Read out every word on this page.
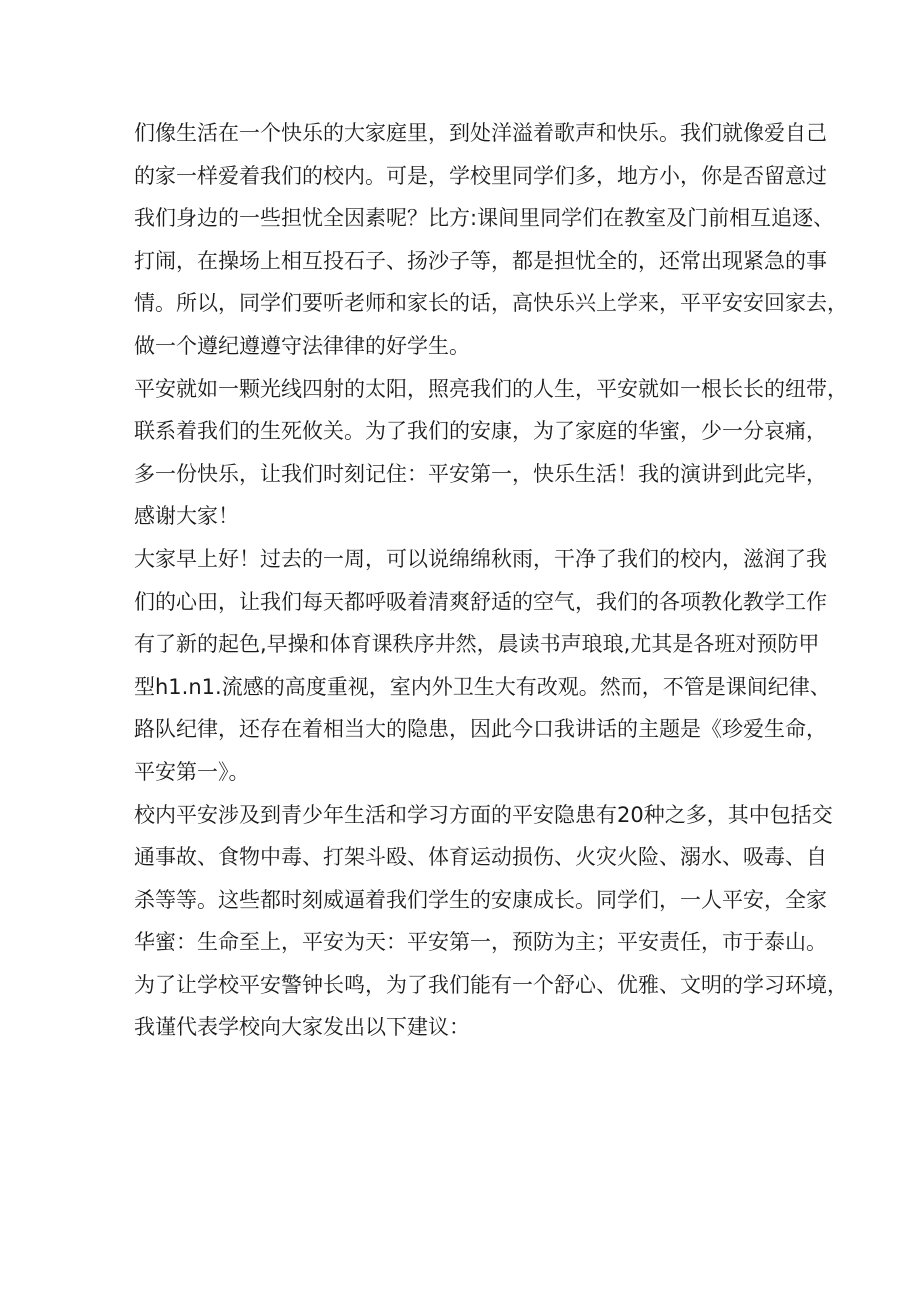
们像生活在一个快乐的大家庭里，到处洋溢着歌声和快乐。我们就像爱自己
的家一样爱着我们的校内。可是，学校里同学们多，地方小，你是否留意过
我们身边的一些担忧全因素呢？比方:课间里同学们在教室及门前相互追逐、
打闹，在操场上相互投石子、扬沙子等，都是担忧全的，还常出现紧急的事
情。所以，同学们要听老师和家长的话，高快乐兴上学来，平平安安回家去，
做一个遵纪遵遵守法律律的好学生。
平安就如一颗光线四射的太阳，照亮我们的人生，平安就如一根长长的纽带，
联系着我们的生死攸关。为了我们的安康，为了家庭的华蜜，少一分哀痛，
多一份快乐，让我们时刻记住：平安第一，快乐生活！我的演讲到此完毕，
感谢大家！
大家早上好！过去的一周，可以说绵绵秋雨，干净了我们的校内，滋润了我
们的心田，让我们每天都呼吸着清爽舒适的空气，我们的各项教化教学工作
有了新的起色,早操和体育课秩序井然，晨读书声琅琅,尤其是各班对预防甲
型h1.n1.流感的高度重视，室内外卫生大有改观。然而，不管是课间纪律、
路队纪律，还存在着相当大的隐患，因此今口我讲话的主题是《珍爱生命，
平安第一》。
校内平安涉及到青少年生活和学习方面的平安隐患有20种之多，其中包括交
通事故、食物中毒、打架斗殴、体育运动损伤、火灾火险、溺水、吸毒、自
杀等等。这些都时刻威逼着我们学生的安康成长。同学们，一人平安，全家
华蜜：生命至上，平安为天：平安第一，预防为主；平安责任，市于泰山。
为了让学校平安警钟长鸣，为了我们能有一个舒心、优雅、文明的学习环境，
我谨代表学校向大家发出以下建议：
